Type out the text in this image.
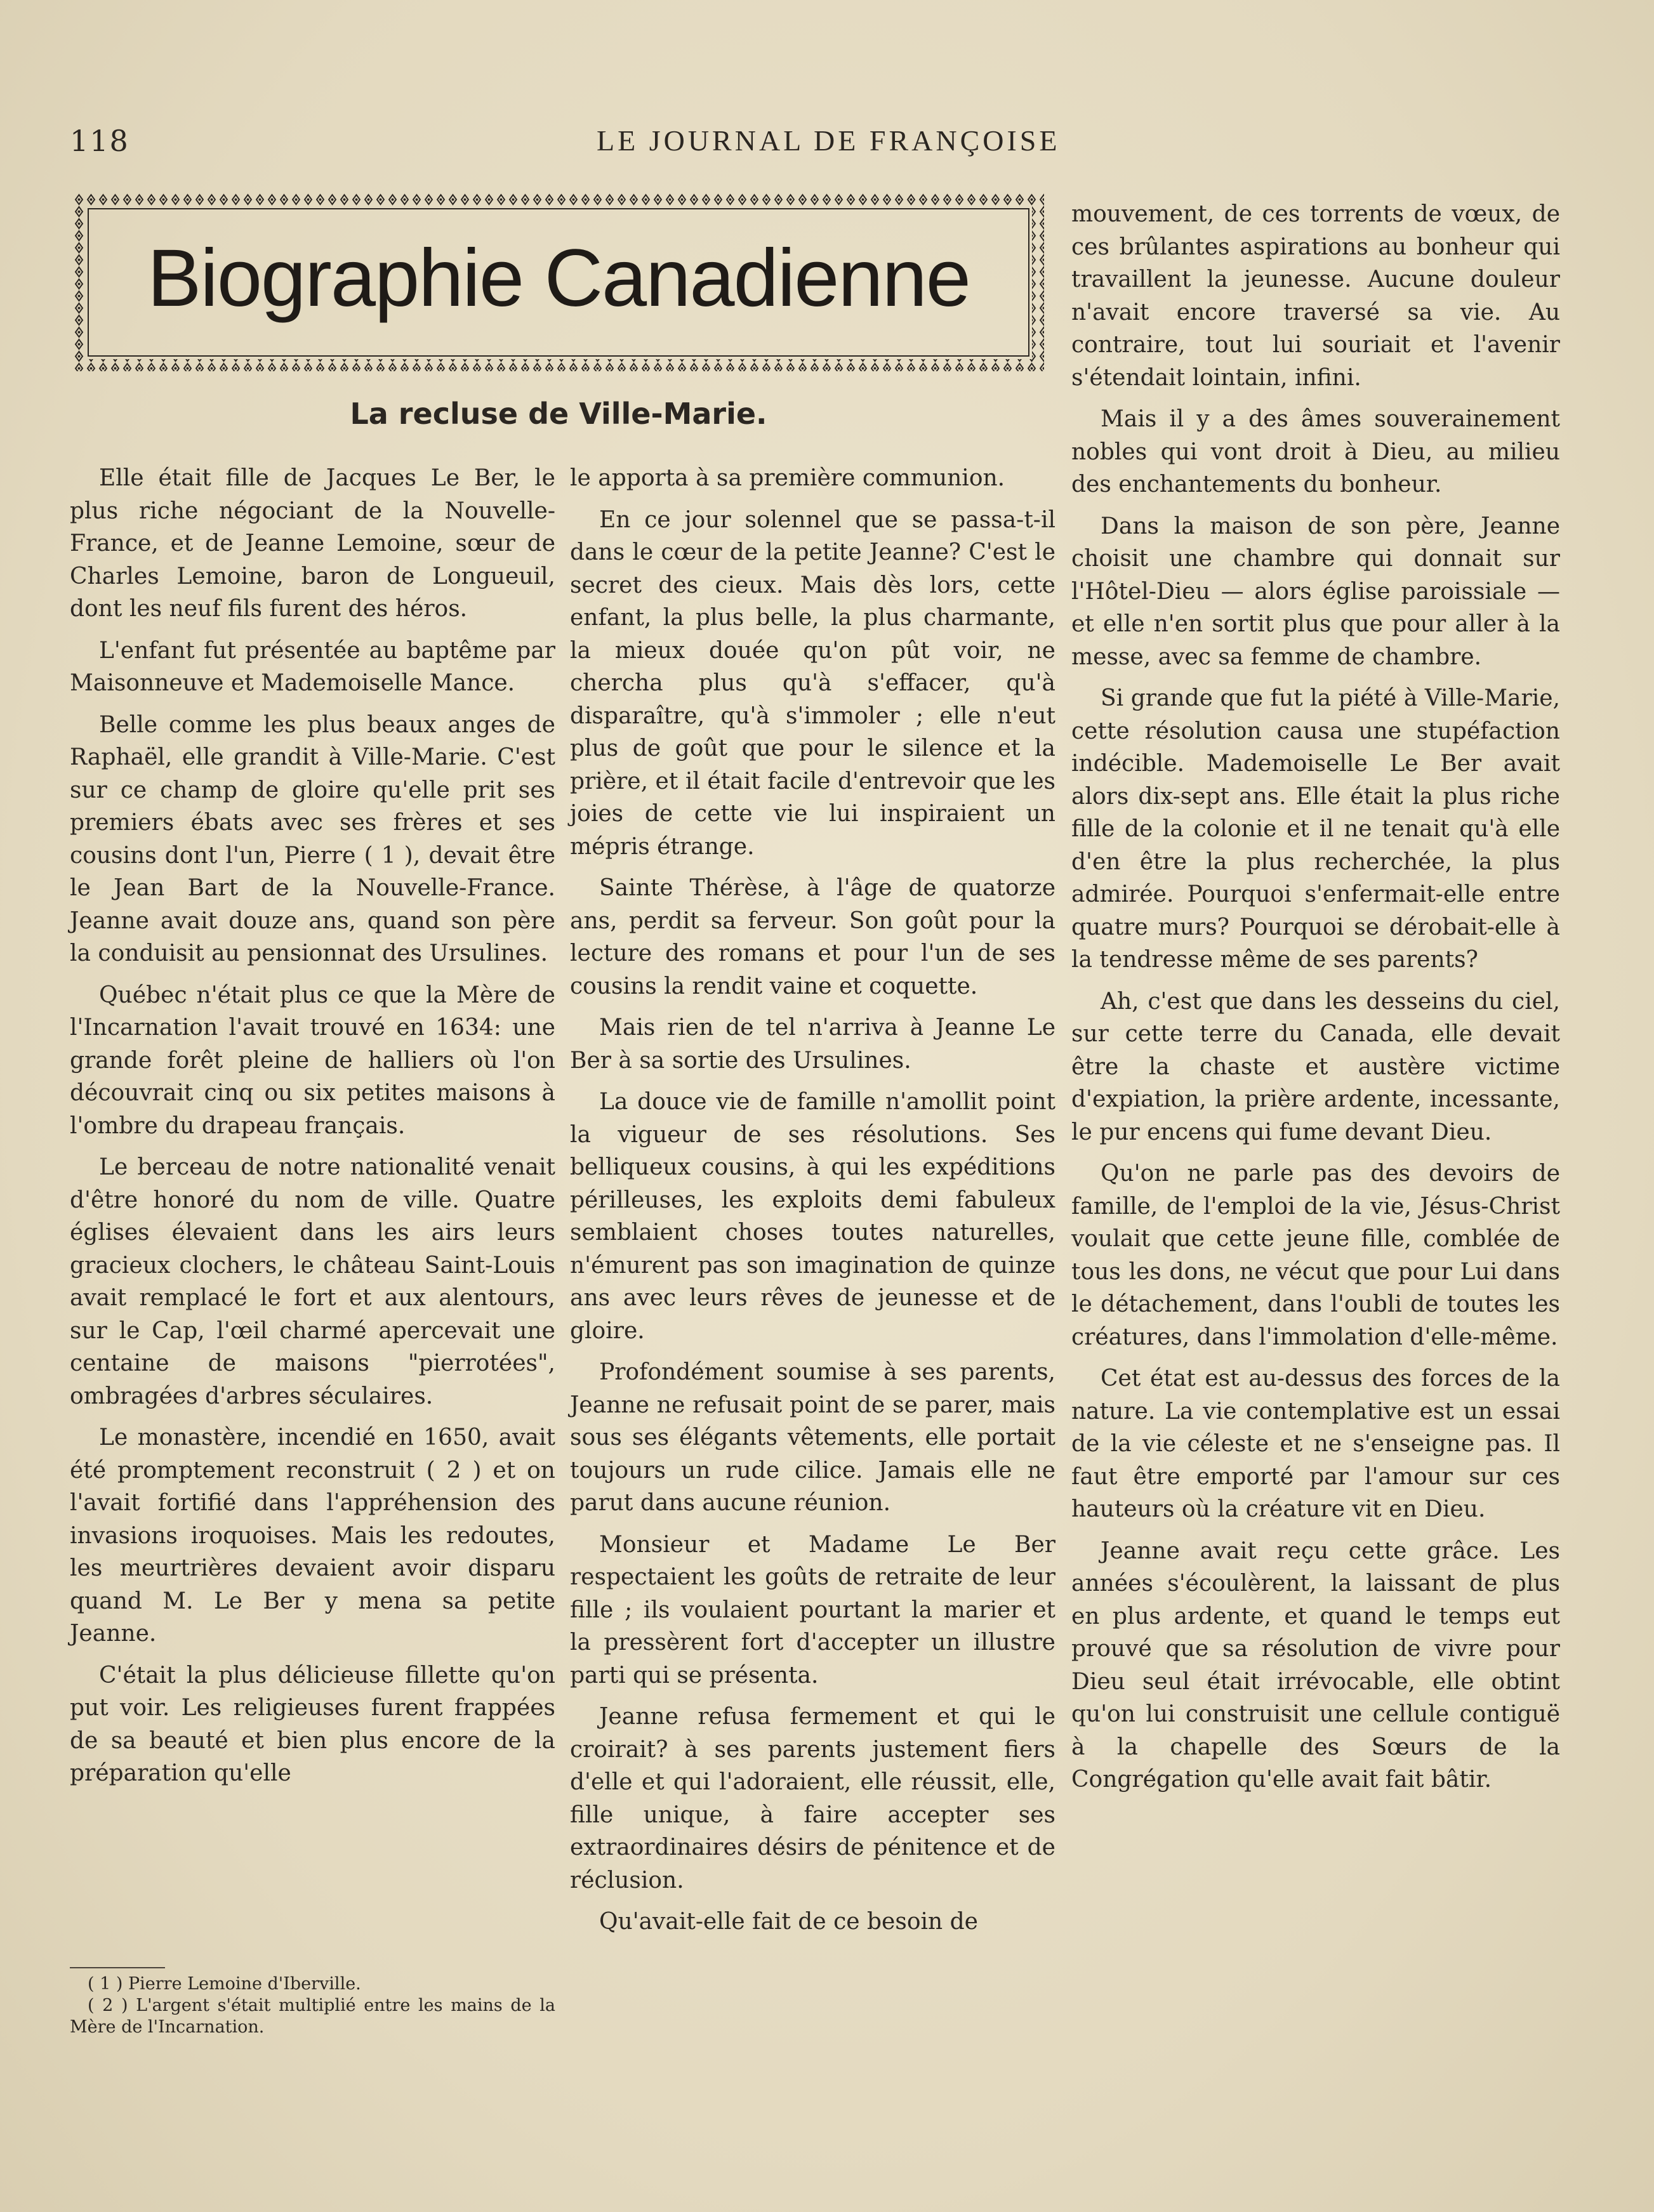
118	LE JOURNAL DE FRANÇOISE
Biographie Canadienne
La recluse de Ville-Marie.

Elle était fille de Jacques Le Ber, le plus riche négociant de la Nouvelle-France, et de Jeanne Lemoine, sœur de Charles Lemoine, baron de Longueuil, dont les neuf fils furent des héros.

L'enfant fut présentée au baptême par Maisonneuve et Mademoiselle Mance.

Belle comme les plus beaux anges de Raphaël, elle grandit à Ville-Marie. C'est sur ce champ de gloire qu'elle prit ses premiers ébats avec ses frères et ses cousins dont l'un, Pierre ( 1 ), devait être le Jean Bart de la Nouvelle-France. Jeanne avait douze ans, quand son père la conduisit au pensionnat des Ursulines.

Québec n'était plus ce que la Mère de l'Incarnation l'avait trouvé en 1634: une grande forêt pleine de halliers où l'on découvrait cinq ou six petites maisons à l'ombre du drapeau français.

Le berceau de notre nationalité venait d'être honoré du nom de ville. Quatre églises élevaient dans les airs leurs gracieux clochers, le château Saint-Louis avait remplacé le fort et aux alentours, sur le Cap, l'œil charmé apercevait une centaine de maisons "pierrotées", ombragées d'arbres séculaires.

Le monastère, incendié en 1650, avait été promptement reconstruit ( 2 ) et on l'avait fortifié dans l'appréhension des invasions iroquoises. Mais les redoutes, les meurtrières devaient avoir disparu quand M. Le Ber y mena sa petite Jeanne.

C'était la plus délicieuse fillette qu'on put voir. Les religieuses furent frappées de sa beauté et bien plus encore de la préparation qu'elle

le apporta à sa première communion.

En ce jour solennel que se passa-t-il dans le cœur de la petite Jeanne? C'est le secret des cieux. Mais dès lors, cette enfant, la plus belle, la plus charmante, la mieux douée qu'on pût voir, ne chercha plus qu'à s'effacer, qu'à disparaître, qu'à s'immoler ; elle n'eut plus de goût que pour le silence et la prière, et il était facile d'entrevoir que les joies de cette vie lui inspiraient un mépris étrange.

Sainte Thérèse, à l'âge de quatorze ans, perdit sa ferveur. Son goût pour la lecture des romans et pour l'un de ses cousins la rendit vaine et coquette.

Mais rien de tel n'arriva à Jeanne Le Ber à sa sortie des Ursulines.

La douce vie de famille n'amollit point la vigueur de ses résolutions. Ses belliqueux cousins, à qui les expéditions périlleuses, les exploits demi fabuleux semblaient choses toutes naturelles, n'émurent pas son imagination de quinze ans avec leurs rêves de jeunesse et de gloire.

Profondément soumise à ses parents, Jeanne ne refusait point de se parer, mais sous ses élégants vêtements, elle portait toujours un rude cilice. Jamais elle ne parut dans aucune réunion.

Monsieur et Madame Le Ber respectaient les goûts de retraite de leur fille ; ils voulaient pourtant la marier et la pressèrent fort d'accepter un illustre parti qui se présenta.

Jeanne refusa fermement et qui le croirait? à ses parents justement fiers d'elle et qui l'adoraient, elle réussit, elle, fille unique, à faire accepter ses extraordinaires désirs de pénitence et de réclusion.

Qu'avait-elle fait de ce besoin de

mouvement, de ces torrents de vœux, de ces brûlantes aspirations au bonheur qui travaillent la jeunesse. Aucune douleur n'avait encore traversé sa vie. Au contraire, tout lui souriait et l'avenir s'étendait lointain, infini.

Mais il y a des âmes souverainement nobles qui vont droit à Dieu, au milieu des enchantements du bonheur.

Dans la maison de son père, Jeanne choisit une chambre qui donnait sur l'Hôtel-Dieu — alors église paroissiale — et elle n'en sortit plus que pour aller à la messe, avec sa femme de chambre.

Si grande que fut la piété à Ville-Marie, cette résolution causa une stupéfaction indécible. Mademoiselle Le Ber avait alors dix-sept ans. Elle était la plus riche fille de la colonie et il ne tenait qu'à elle d'en être la plus recherchée, la plus admirée. Pourquoi s'enfermait-elle entre quatre murs? Pourquoi se dérobait-elle à la tendresse même de ses parents?

Ah, c'est que dans les desseins du ciel, sur cette terre du Canada, elle devait être la chaste et austère victime d'expiation, la prière ardente, incessante, le pur encens qui fume devant Dieu.

Qu'on ne parle pas des devoirs de famille, de l'emploi de la vie, Jésus-Christ voulait que cette jeune fille, comblée de tous les dons, ne vécut que pour Lui dans le détachement, dans l'oubli de toutes les créatures, dans l'immolation d'elle-même.

Cet état est au-dessus des forces de la nature. La vie contemplative est un essai de la vie céleste et ne s'enseigne pas. Il faut être emporté par l'amour sur ces hauteurs où la créature vit en Dieu.

Jeanne avait reçu cette grâce. Les années s'écoulèrent, la laissant de plus en plus ardente, et quand le temps eut prouvé que sa résolution de vivre pour Dieu seul était irrévocable, elle obtint qu'on lui construisit une cellule contiguë à la chapelle des Sœurs de la Congrégation qu'elle avait fait bâtir.

( 1 ) Pierre Lemoine d'Iberville.

( 2 ) L'argent s'était multiplié entre les mains de la Mère de l'Incarnation.
